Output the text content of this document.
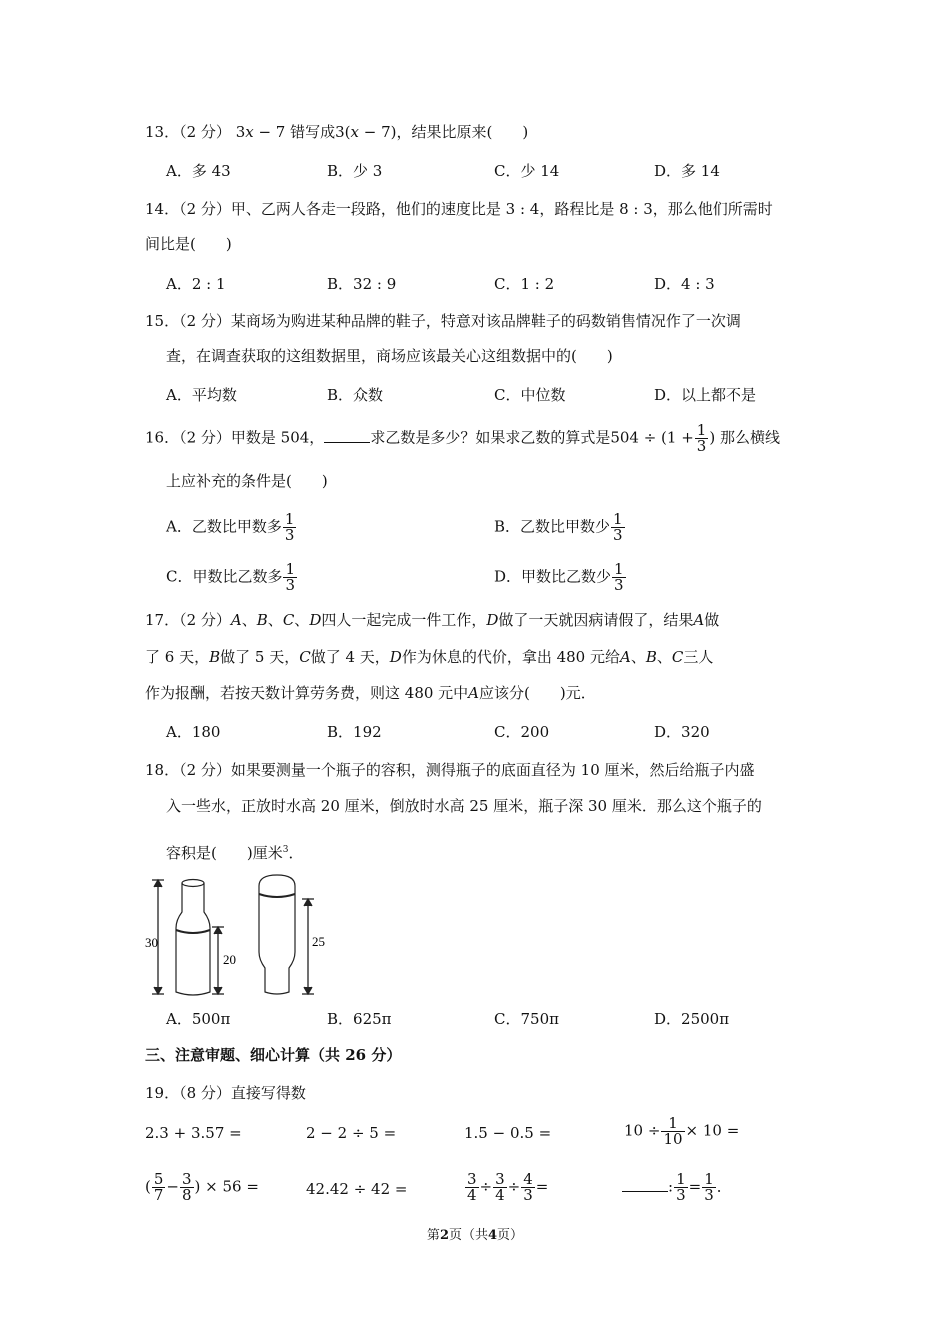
13．（2 分） 3x − 7 错写成3(x − 7)，结果比原来(　　)
A．多 43	B．少 3	C．少 14	D．多 14
14．（2 分）甲、乙两人各走一段路，他们的速度比是 3 : 4，路程比是 8 : 3，那么他们所需时
间比是(　　)
A．2 : 1	B．32 : 9	C．1 : 2	D．4 : 3
15．（2 分）某商场为购进某种品牌的鞋子，特意对该品牌鞋子的码数销售情况作了一次调
查，在调查获取的这组数据里，商场应该最关心这组数据中的(　　)
A．平均数	B．众数	C．中位数	D．以上都不是
16．（2 分）甲数是 504，	求乙数是多少？如果求乙数的算式是$504 \div (1 + \frac{1}{3}$ ) 那么横线
上应补充的条件是(　　)
A．乙数比甲数多 $\frac{1}{3}$	B．乙数比甲数少 $\frac{1}{3}$
C．甲数比乙数多 $\frac{1}{3}$	D．甲数比乙数少 $\frac{1}{3}$
17．（2 分）A、B、C、D四人一起完成一件工作，D做了一天就因病请假了，结果A做
了 6 天，B做了 5 天，C做了 4 天，D作为休息的代价，拿出 480 元给A、B、C三人
作为报酬，若按天数计算劳务费，则这 480 元中A应该分(　　)元．
A．180	B．192	C．200	D．320
18．（2 分）如果要测量一个瓶子的容积，测得瓶子的底面直径为 10 厘米，然后给瓶子内盛
入一些水，正放时水高 20 厘米，倒放时水高 25 厘米，瓶子深 30 厘米．那么这个瓶子的
容积是(　　)厘米$^3$．
30
20
25
A．500π	B．625π	C．750π	D．2500π
三、注意审题、细心计算（共 26 分）
19．（8 分）直接写得数
2.3 + 3.57 =	2 − 2 ÷ 5 =	1.5 − 0.5 =	$10 \div \frac{1}{10} \times 10$ =
( $\frac{5}{7} - \frac{3}{8}$ ) × 56 =	42.42 ÷ 42 =	$\frac{3}{4} \div \frac{3}{4} \div \frac{4}{3}$ =	: $\frac{1}{3} = \frac{1}{3}$ ．
第2页（共4页）
